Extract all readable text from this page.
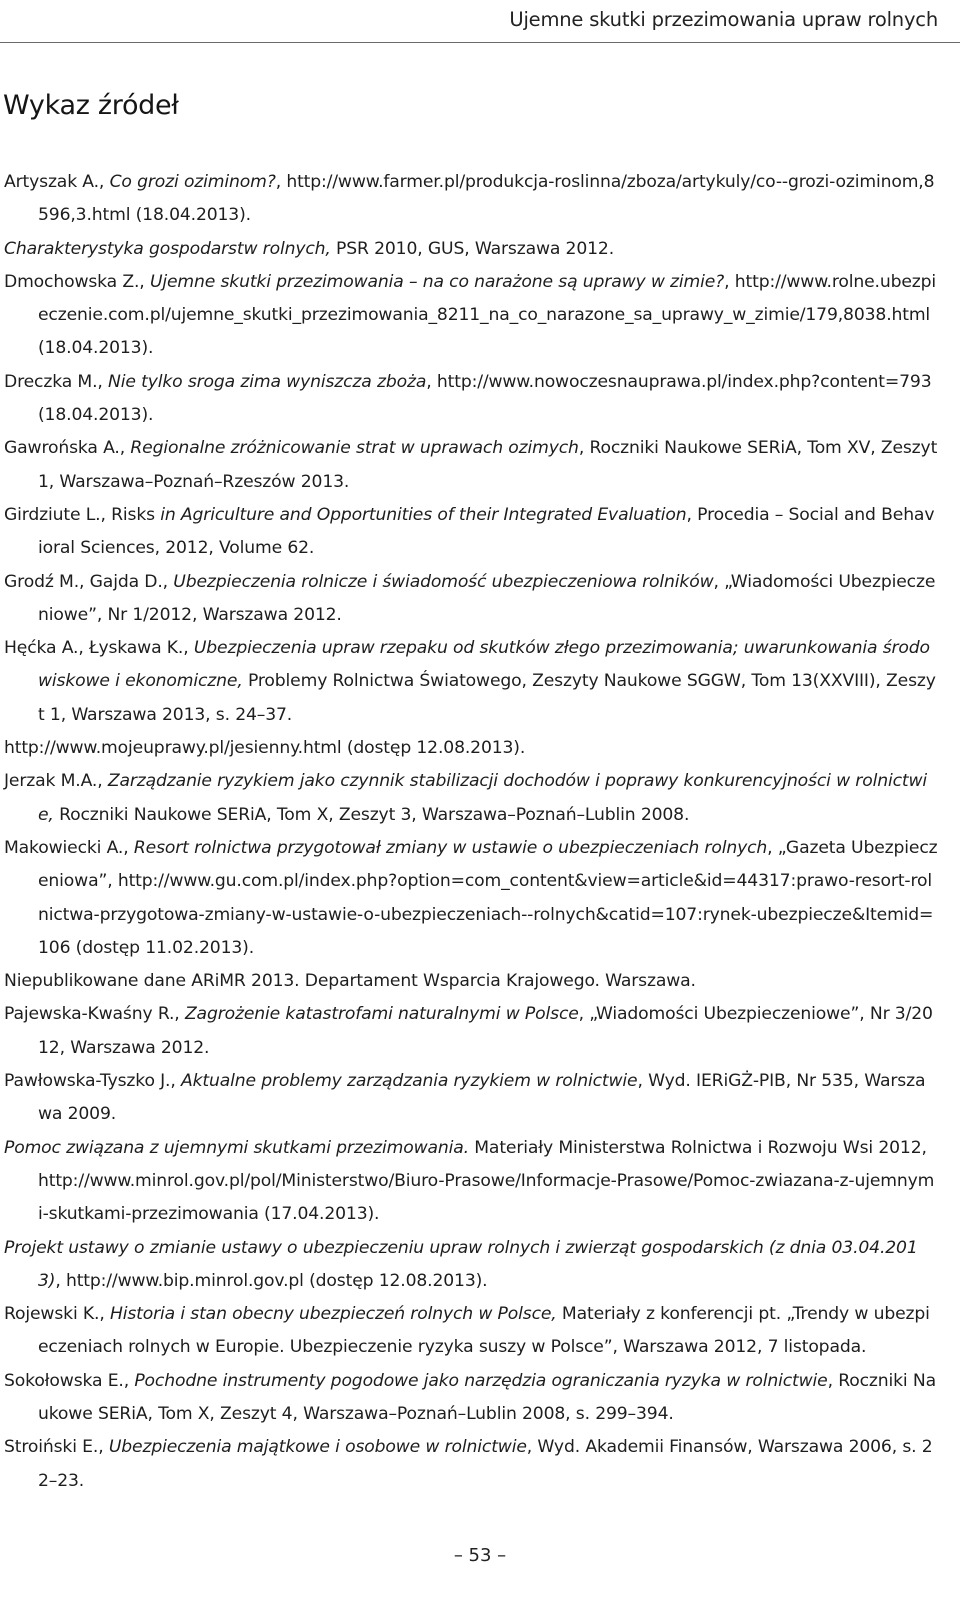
Ujemne skutki przezimowania upraw rolnych
Wykaz źródeł
Artyszak A., Co grozi oziminom?, http://www.farmer.pl/produkcja-roslinna/zboza/artykuly/co--grozi-oziminom,8596,3.html (18.04.2013).
Charakterystyka gospodarstw rolnych, PSR 2010, GUS, Warszawa 2012.
Dmochowska Z., Ujemne skutki przezimowania – na co narażone są uprawy w zimie?, http://www.rolne.ubezpieczenie.com.pl/ujemne_skutki_przezimowania_8211_na_co_narazone_sa_uprawy_w_zimie/179,8038.html (18.04.2013).
Dreczka M., Nie tylko sroga zima wyniszcza zboża, http://www.nowoczesnauprawa.pl/index.php?content=793 (18.04.2013).
Gawrońska A., Regionalne zróżnicowanie strat w uprawach ozimych, Roczniki Naukowe SERiA, Tom XV, Zeszyt 1, Warszawa–Poznań–Rzeszów 2013.
Girdziute L., Risks in Agriculture and Opportunities of their Integrated Evaluation, Procedia – Social and Behavioral Sciences, 2012, Volume 62.
Grodź M., Gajda D., Ubezpieczenia rolnicze i świadomość ubezpieczeniowa rolników, „Wiadomości Ubezpieczeniowe”, Nr 1/2012, Warszawa 2012.
Hęćka A., Łyskawa K., Ubezpieczenia upraw rzepaku od skutków złego przezimowania; uwarunkowania środowiskowe i ekonomiczne, Problemy Rolnictwa Światowego, Zeszyty Naukowe SGGW, Tom 13(XXVIII), Zeszyt 1, Warszawa 2013, s. 24–37.
http://www.mojeuprawy.pl/jesienny.html (dostęp 12.08.2013).
Jerzak M.A., Zarządzanie ryzykiem jako czynnik stabilizacji dochodów i poprawy konkurencyjności w rolnictwie, Roczniki Naukowe SERiA, Tom X, Zeszyt 3, Warszawa–Poznań–Lublin 2008.
Makowiecki A., Resort rolnictwa przygotował zmiany w ustawie o ubezpieczeniach rolnych, „Gazeta Ubezpieczeniowa”, http://www.gu.com.pl/index.php?option=com_content&view=article&id=44317:prawo-resort-rolnictwa-przygotowa-zmiany-w-ustawie-o-ubezpieczeniach--rolnych&catid=107:rynek-ubezpiecze&Itemid=106 (dostęp 11.02.2013).
Niepublikowane dane ARiMR 2013. Departament Wsparcia Krajowego. Warszawa.
Pajewska-Kwaśny R., Zagrożenie katastrofami naturalnymi w Polsce, „Wiadomości Ubezpieczeniowe”, Nr 3/2012, Warszawa 2012.
Pawłowska-Tyszko J., Aktualne problemy zarządzania ryzykiem w rolnictwie, Wyd. IERiGŻ-PIB, Nr 535, Warszawa 2009.
Pomoc związana z ujemnymi skutkami przezimowania. Materiały Ministerstwa Rolnictwa i Rozwoju Wsi 2012, http://www.minrol.gov.pl/pol/Ministerstwo/Biuro-Prasowe/Informacje-Prasowe/Pomoc-zwiazana-z-ujemnymi-skutkami-przezimowania (17.04.2013).
Projekt ustawy o zmianie ustawy o ubezpieczeniu upraw rolnych i zwierząt gospodarskich (z dnia 03.04.2013), http://www.bip.minrol.gov.pl (dostęp 12.08.2013).
Rojewski K., Historia i stan obecny ubezpieczeń rolnych w Polsce, Materiały z konferencji pt. „Trendy w ubezpieczeniach rolnych w Europie. Ubezpieczenie ryzyka suszy w Polsce”, Warszawa 2012, 7 listopada.
Sokołowska E., Pochodne instrumenty pogodowe jako narzędzia ograniczania ryzyka w rolnictwie, Roczniki Naukowe SERiA, Tom X, Zeszyt 4, Warszawa–Poznań–Lublin 2008, s. 299–394.
Stroiński E., Ubezpieczenia majątkowe i osobowe w rolnictwie, Wyd. Akademii Finansów, Warszawa 2006, s. 22–23.
– 53 –
